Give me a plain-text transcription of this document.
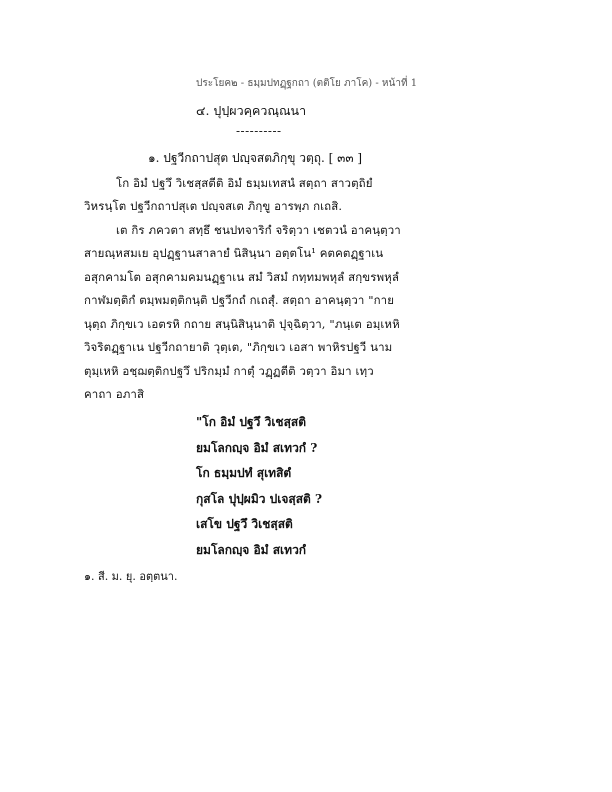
ประโยค๒ - ธมฺมปทฏฺฐกถา (ตติโย ภาโค) - หน้าที่ 1
๔. ปุปฺผวคฺควณฺณนา
----------
๑. ปฐวีกถาปสุต ปญฺจสตภิกฺขุ วตฺถุ. [ ๓๓ ]
โก อิมํ ปฐวึ วิเชสฺสตีติ อิมํ ธมฺมเทสนํ สตฺถา สาวตฺถิยํ
วิหรนฺโต ปฐวีกถาปสุเต ปญฺจสเต ภิกฺขู อารพฺภ กเถสิ.
เต กิร ภควตา สทฺธึ ชนปทจาริกํ จริตฺวา เชตวนํ อาคนฺตฺวา
สายณฺหสมเย อุปฏฺฐานสาลายํ นิสินฺนา อตฺตโน¹ คตคตฏฺฐาเน
อสุกคามโต อสุกคามคมนฏฺฐาเน สมํ วิสมํ กทฺทมพหุลํ สกฺขรพหุลํ
กาฬมตฺติกํ ตมฺพมตฺติกนฺติ ปฐวีกถํ กเถสุํ. สตฺถา อาคนฺตฺวา "กาย
นุตฺถ ภิกฺขเว เอตรหิ กถาย สนฺนิสินฺนาติ ปุจฺฉิตฺวา, "ภนฺเต อมฺเหหิ
วิจริตฏฺฐาเน ปฐวีกถายาติ วุตฺเต, "ภิกฺขเว เอสา พาหิรปฐวี นาม
ตุมฺเหหิ อชฺฌตฺติกปฐวึ ปริกมฺมํ กาตุํ วฏฺฏตีติ วตฺวา อิมา เทฺว
คาถา อภาสิ
"โก อิมํ ปฐวึ วิเชสฺสติ
ยมโลกญฺจ อิมํ สเทวกํ ?
โก ธมฺมปทํ สุเทสิตํ
กุสโล ปุปฺผมิว ปเจสฺสติ ?
เสโข ปฐวึ วิเชสฺสติ
ยมโลกญฺจ อิมํ สเทวกํ
๑. สี. ม. ยุ. อตฺตนา.
